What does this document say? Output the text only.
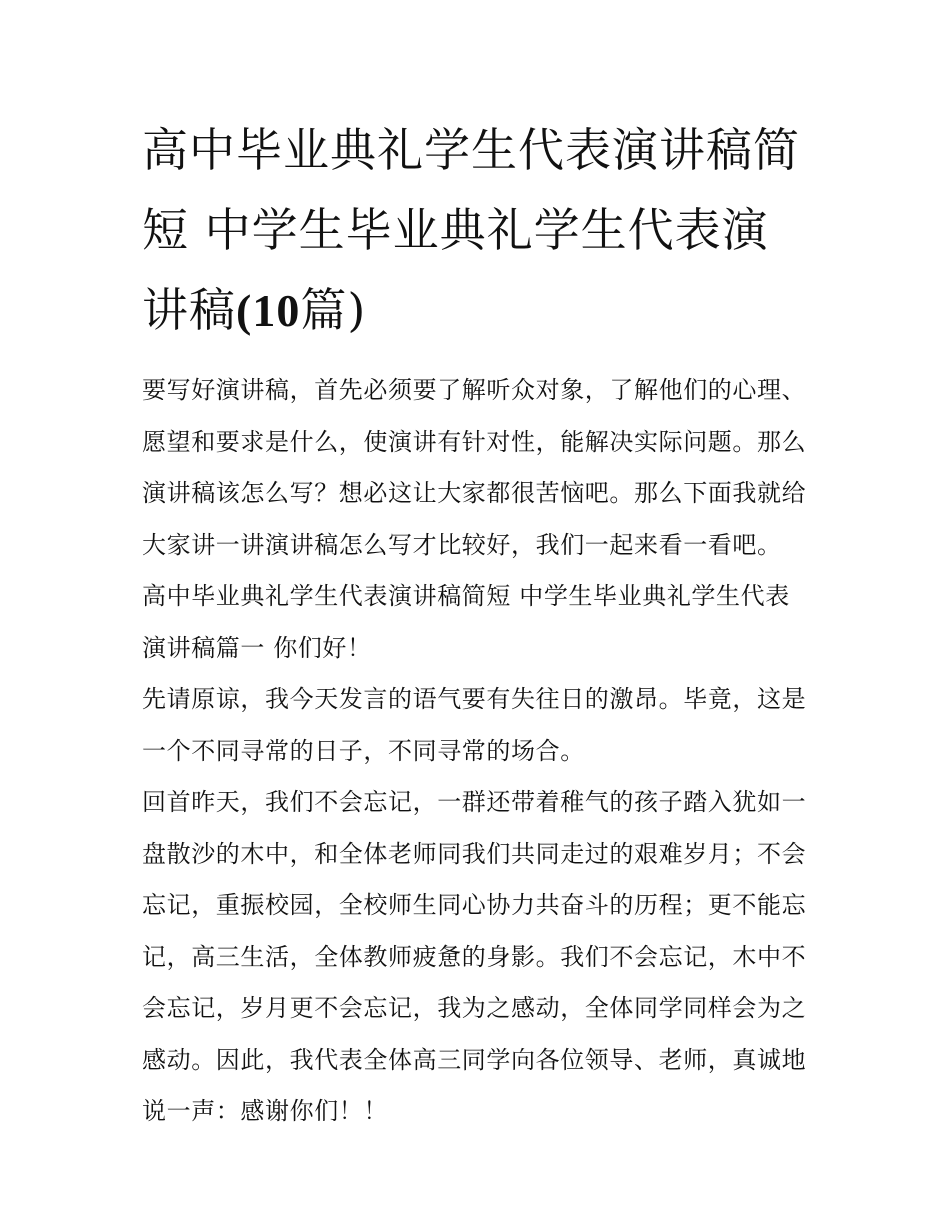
高中毕业典礼学生代表演讲稿简短 中学生毕业典礼学生代表演讲稿(10篇)

要写好演讲稿，首先必须要了解听众对象，了解他们的心理、愿望和要求是什么，使演讲有针对性，能解决实际问题。那么演讲稿该怎么写？想必这让大家都很苦恼吧。那么下面我就给大家讲一讲演讲稿怎么写才比较好，我们一起来看一看吧。

高中毕业典礼学生代表演讲稿简短 中学生毕业典礼学生代表演讲稿篇一 你们好！

先请原谅，我今天发言的语气要有失往日的激昂。毕竟，这是一个不同寻常的日子，不同寻常的场合。

回首昨天，我们不会忘记，一群还带着稚气的孩子踏入犹如一盘散沙的木中，和全体老师同我们共同走过的艰难岁月；不会忘记，重振校园，全校师生同心协力共奋斗的历程；更不能忘记，高三生活，全体教师疲惫的身影。我们不会忘记，木中不会忘记，岁月更不会忘记，我为之感动，全体同学同样会为之感动。因此，我代表全体高三同学向各位领导、老师，真诚地说一声：感谢你们！！
